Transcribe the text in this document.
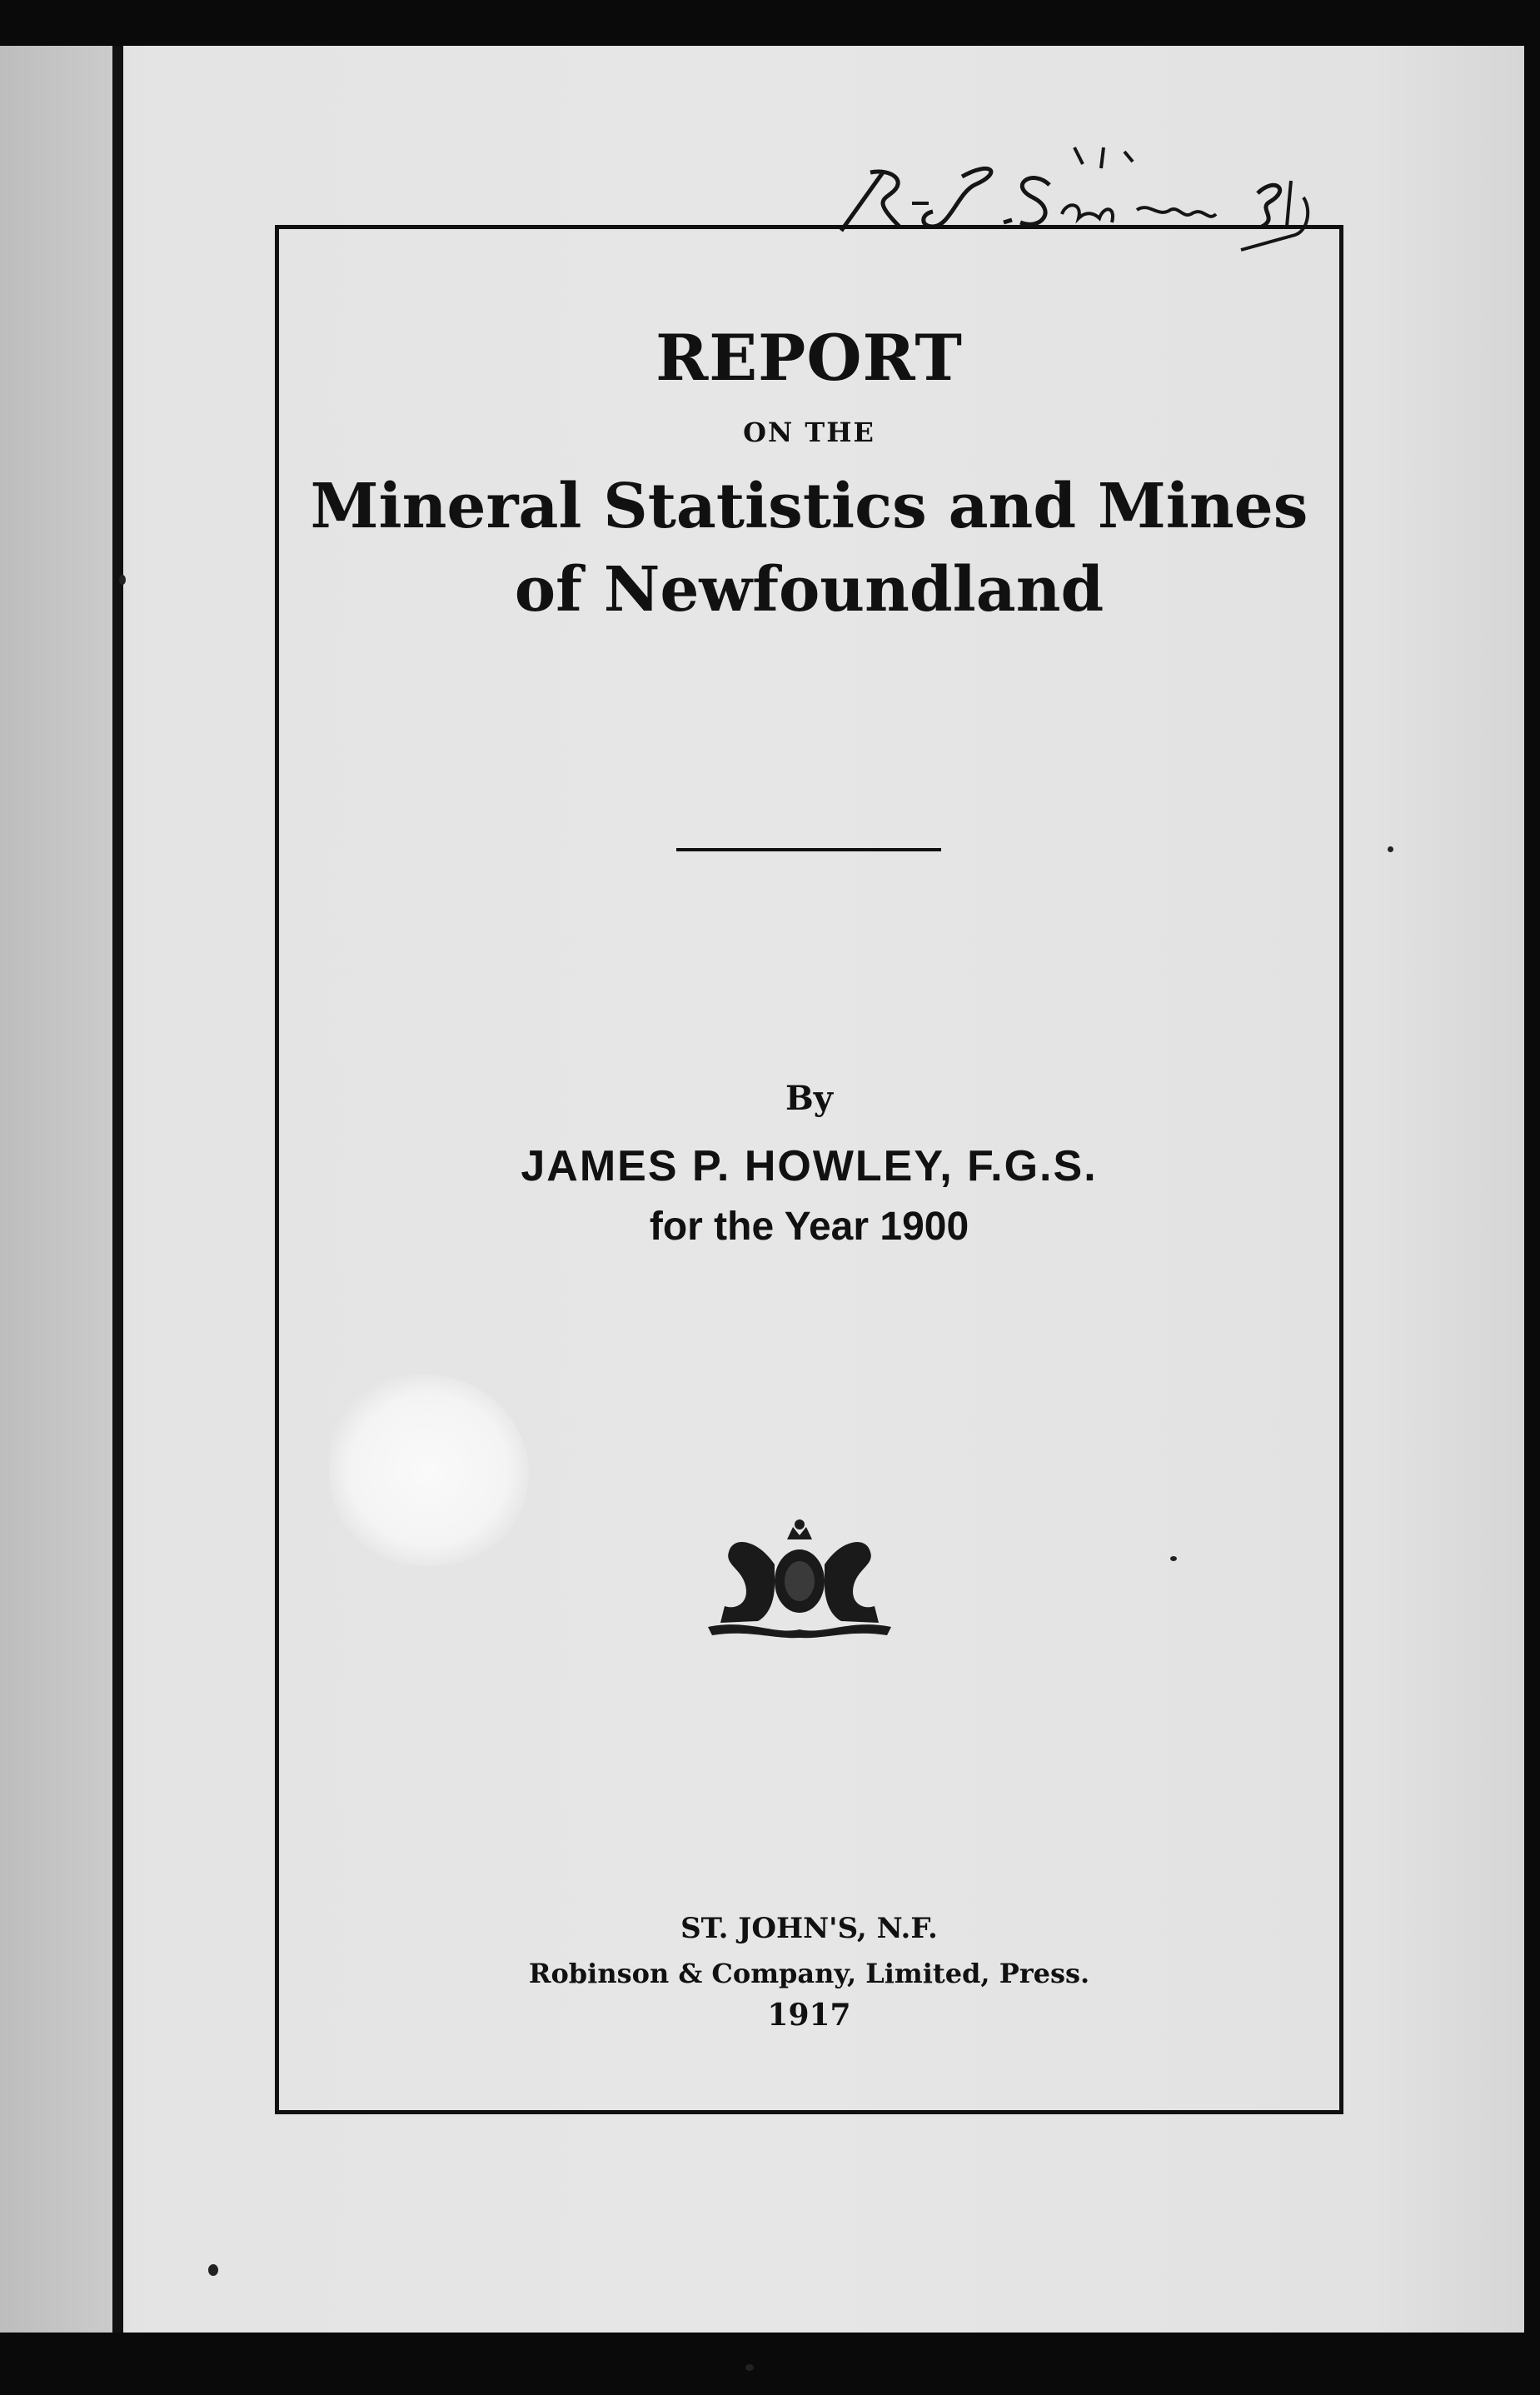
REPORT
ON THE
Mineral Statistics and Mines
of Newfoundland
By
JAMES P. HOWLEY, F.G.S.
for the Year 1900
ST. JOHN'S, N.F.
Robinson & Company, Limited, Press.
1917
